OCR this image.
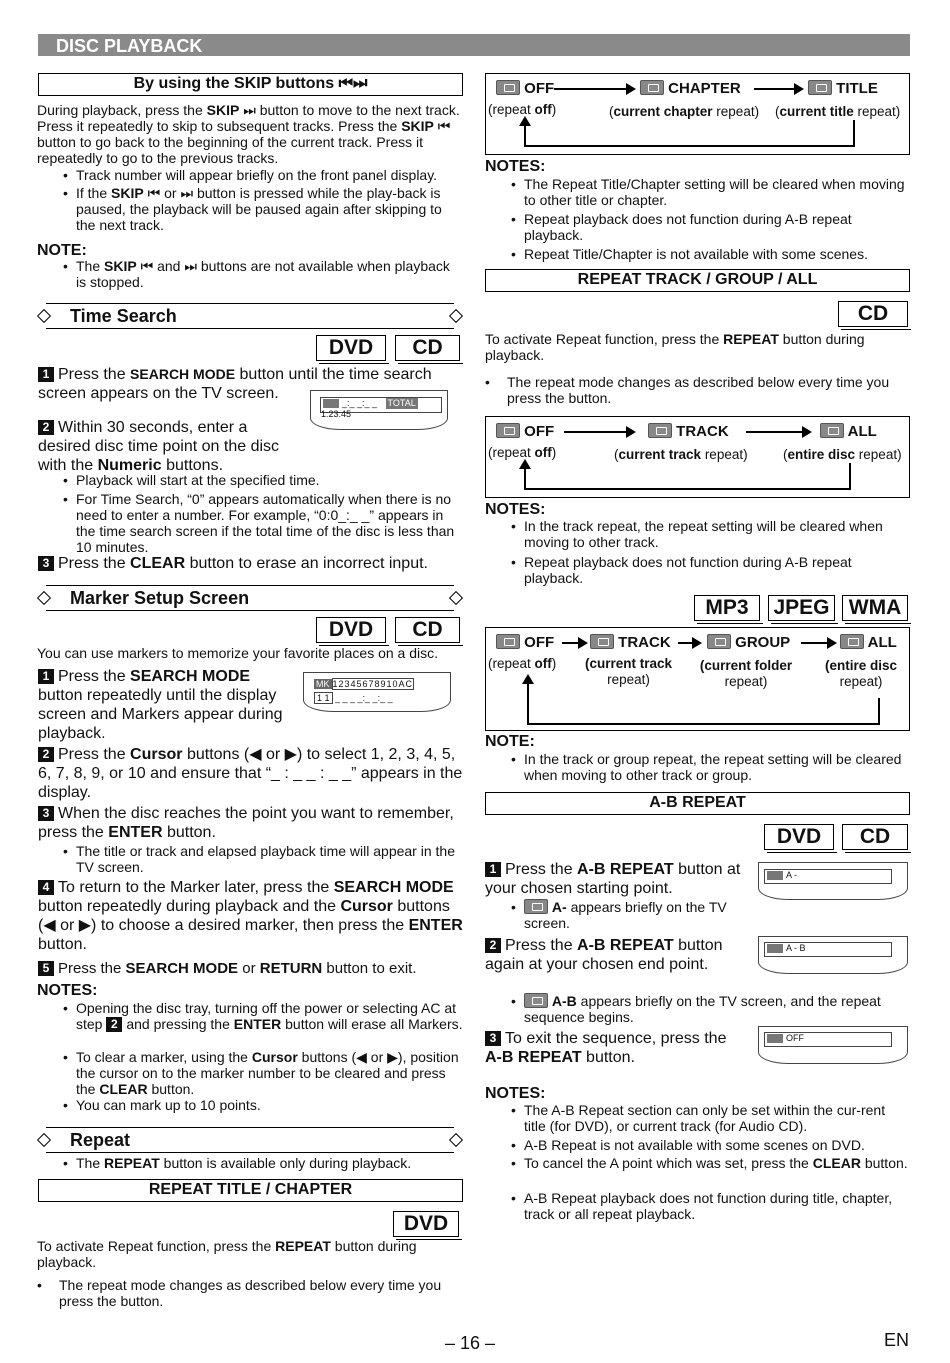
DISC PLAYBACK
By using the SKIP buttons ⏮⏭
During playback, press the SKIP ⏭ button to move to the next track. Press it repeatedly to skip to subsequent tracks. Press the SKIP ⏮ button to go back to the beginning of the current track. Press it repeatedly to go to the previous tracks.
• Track number will appear briefly on the front panel display.
• If the SKIP ⏮ or ⏭ button is pressed while the play-back is paused, the playback will be paused again after skipping to the next track.
NOTE:
• The SKIP ⏮ and ⏭ buttons are not available when playback is stopped.
Time Search
DVD	CD
1 Press the SEARCH MODE button until the time search screen appears on the TV screen.
_:_ _:_ _ TOTAL 1:23:45
2 Within 30 seconds, enter a desired disc time point on the disc with the Numeric buttons.
• Playback will start at the specified time.
• For Time Search, “0” appears automatically when there is no need to enter a number. For example, “0:0_:_ _” appears in the time search screen if the total time of the disc is less than 10 minutes.
3 Press the CLEAR button to erase an incorrect input.
Marker Setup Screen
DVD	CD
You can use markers to memorize your favorite places on a disc.
1 Press the SEARCH MODE button repeatedly until the display screen and Markers appear during playback.
MK 12345678910AC
1 1 _ _ _ _:_ _:_ _
2 Press the Cursor buttons (◀ or ▶) to select 1, 2, 3, 4, 5, 6, 7, 8, 9, or 10 and ensure that “_ : _ _ : _ _” appears in the display.
3 When the disc reaches the point you want to remember, press the ENTER button.
• The title or track and elapsed playback time will appear in the TV screen.
4 To return to the Marker later, press the SEARCH MODE button repeatedly during playback and the Cursor buttons (◀ or ▶) to choose a desired marker, then press the ENTER button.
5 Press the SEARCH MODE or RETURN button to exit.
NOTES:
• Opening the disc tray, turning off the power or selecting AC at step 2 and pressing the ENTER button will erase all Markers.
• To clear a marker, using the Cursor buttons (◀ or ▶), position the cursor on to the marker number to be cleared and press the CLEAR button.
• You can mark up to 10 points.
Repeat
• The REPEAT button is available only during playback.
REPEAT TITLE / CHAPTER
DVD
To activate Repeat function, press the REPEAT button during playback.
• The repeat mode changes as described below every time you press the button.
OFF	CHAPTER	TITLE
(repeat off)	(current chapter repeat) (current title repeat)
NOTES:
• The Repeat Title/Chapter setting will be cleared when moving to other title or chapter.
• Repeat playback does not function during A-B repeat playback.
• Repeat Title/Chapter is not available with some scenes.
REPEAT TRACK / GROUP / ALL
CD
To activate Repeat function, press the REPEAT button during playback.
• The repeat mode changes as described below every time you press the button.
OFF	TRACK	ALL
(repeat off)	(current track repeat)	(entire disc repeat)
NOTES:
• In the track repeat, the repeat setting will be cleared when moving to other track.
• Repeat playback does not function during A-B repeat playback.
MP3	JPEG WMA
OFF	TRACK	GROUP	ALL
(repeat off) (current track
repeat)
(current folder
repeat)
(entire disc
repeat)
NOTE:
• In the track or group repeat, the repeat setting will be cleared when moving to other track or group.
A-B REPEAT
DVD	CD
1 Press the A-B REPEAT button at your chosen starting point.
• A- appears briefly on the TV screen.
A -
2 Press the A-B REPEAT button again at your chosen end point.
A - B
• A-B appears briefly on the TV screen, and the repeat sequence begins.
3 To exit the sequence, press the A-B REPEAT button.
OFF
NOTES:
• The A-B Repeat section can only be set within the cur-rent title (for DVD), or current track (for Audio CD).
• A-B Repeat is not available with some scenes on DVD.
• To cancel the A point which was set, press the CLEAR button.
• A-B Repeat playback does not function during title, chapter, track or all repeat playback.
– 16 –	EN
